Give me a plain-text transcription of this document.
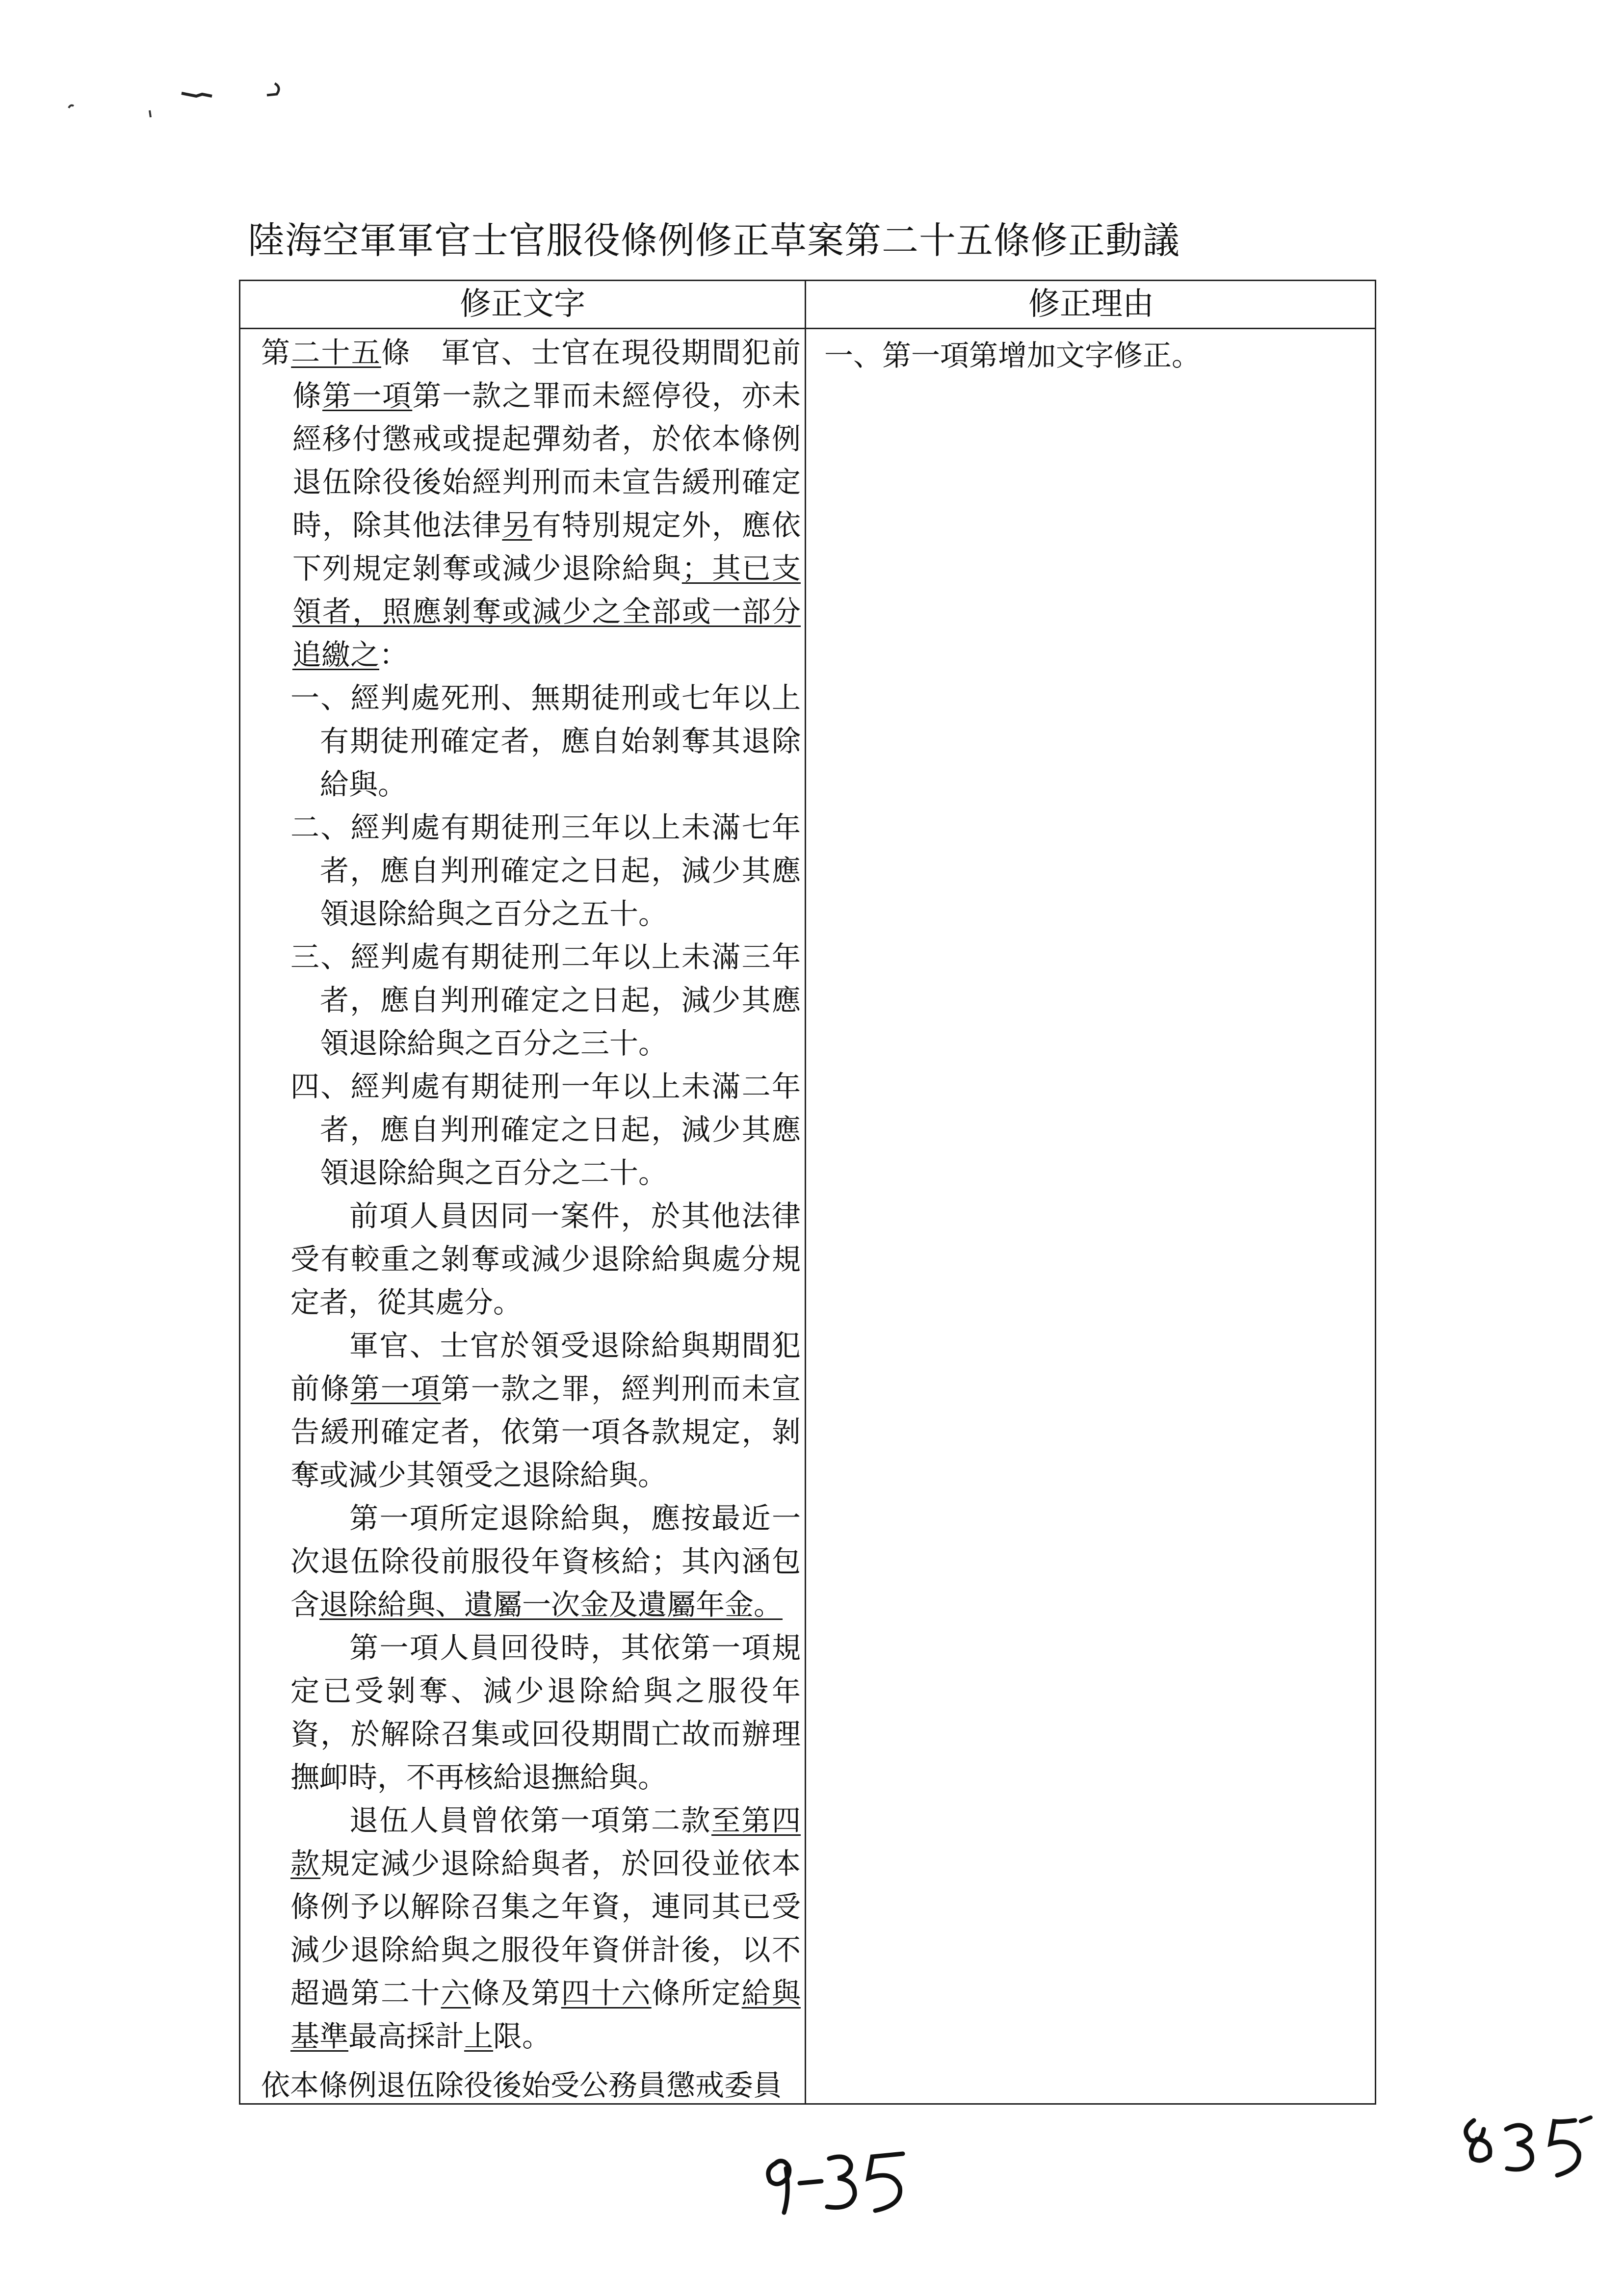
陸海空軍軍官士官服役條例修正草案第二十五條修正動議
修正文字	修正理由

第二十五條　軍官、士官在現役期間犯前條第一項第一款之罪而未經停役，亦未經移付懲戒或提起彈劾者，於依本條例退伍除役後始經判刑而未宣告緩刑確定時，除其他法律另有特別規定外，應依下列規定剝奪或減少退除給與；其已支領者，照應剝奪或減少之全部或一部分追繳之：

一、經判處死刑、無期徒刑或七年以上有期徒刑確定者，應自始剝奪其退除給與。

二、經判處有期徒刑三年以上未滿七年者，應自判刑確定之日起，減少其應領退除給與之百分之五十。

三、經判處有期徒刑二年以上未滿三年者，應自判刑確定之日起，減少其應領退除給與之百分之三十。

四、經判處有期徒刑一年以上未滿二年者，應自判刑確定之日起，減少其應領退除給與之百分之二十。

前項人員因同一案件，於其他法律受有較重之剝奪或減少退除給與處分規定者，從其處分。

軍官、士官於領受退除給與期間犯前條第一項第一款之罪，經判刑而未宣告緩刑確定者，依第一項各款規定，剝奪或減少其領受之退除給與。

第一項所定退除給與，應按最近一次退伍除役前服役年資核給；其內涵包含退除給與、遺屬一次金及遺屬年金。

第一項人員回役時，其依第一項規定已受剝奪、減少退除給與之服役年資，於解除召集或回役期間亡故而辦理撫卹時，不再核給退撫給與。

退伍人員曾依第一項第二款至第四款規定減少退除給與者，於回役並依本條例予以解除召集之年資，連同其已受減少退除給與之服役年資併計後，以不超過第二十六條及第四十六條所定給與基準最高採計上限。

依本條例退伍除役後始受公務員懲戒委員

一、第一項第增加文字修正。
